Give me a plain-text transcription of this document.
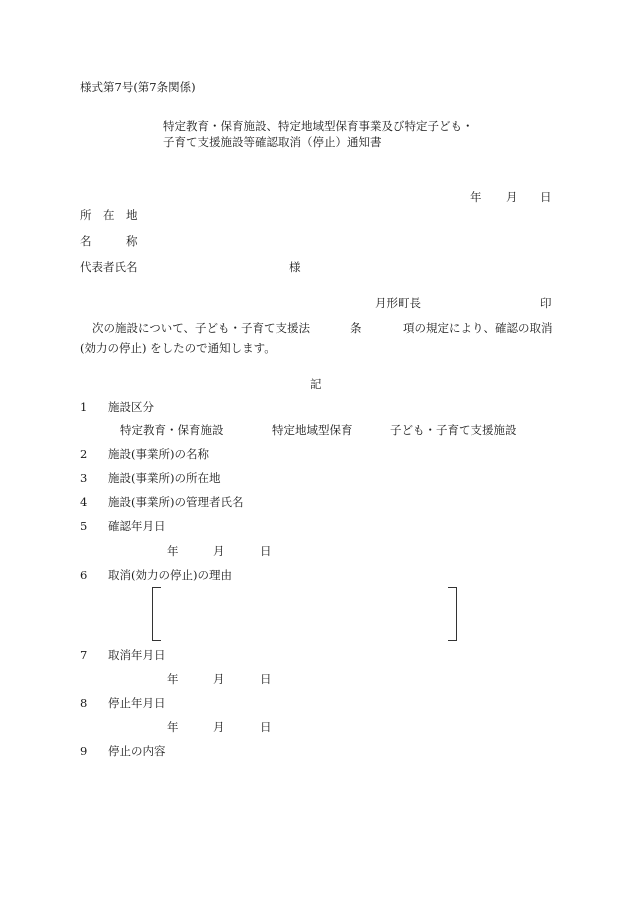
様式第7号(第7条関係)
特定教育・保育施設、特定地域型保育事業及び特定子ども・
子育て支援施設等確認取消（停止）通知書
年 月 日
所　在　地
名　　　称
代表者氏名	様
月形町長	印
次の施設について、子ども・子育て支援法	条	項の規定により、確認の取消
(効力の停止) をしたので通知します。
記
1 施設区分
特定教育・保育施設	特定地域型保育	子ども・子育て支援施設
2 施設(事業所)の名称
3 施設(事業所)の所在地
4 施設(事業所)の管理者氏名
5 確認年月日
年	月	日
6 取消(効力の停止)の理由
7 取消年月日
年	月	日
8 停止年月日
年	月	日
9 停止の内容
